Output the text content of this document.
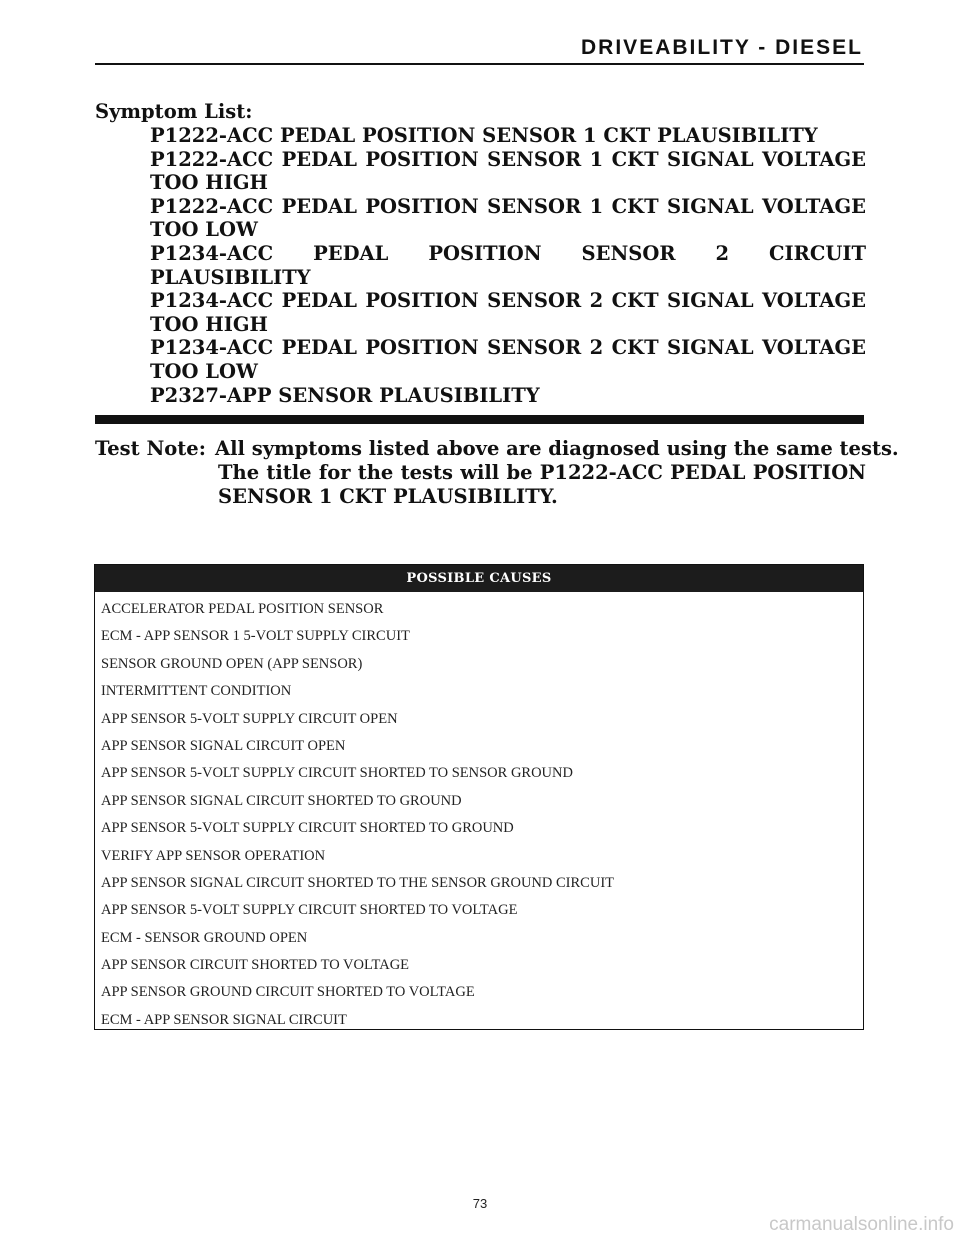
DRIVEABILITY - DIESEL
Symptom List:
P1222-ACC PEDAL POSITION SENSOR 1 CKT PLAUSIBILITY
P1222-ACC PEDAL POSITION SENSOR 1 CKT SIGNAL VOLTAGE
TOO HIGH
P1222-ACC PEDAL POSITION SENSOR 1 CKT SIGNAL VOLTAGE
TOO LOW
P1234-ACC PEDAL POSITION SENSOR 2 CIRCUIT PLAUSIBILITY
P1234-ACC PEDAL POSITION SENSOR 2 CKT SIGNAL VOLTAGE
TOO HIGH
P1234-ACC PEDAL POSITION SENSOR 2 CKT SIGNAL VOLTAGE
TOO LOW
P2327-APP SENSOR PLAUSIBILITY
Test Note: All symptoms listed above are diagnosed using the same tests.
The title for the tests will be P1222-ACC PEDAL POSITION
SENSOR 1 CKT PLAUSIBILITY.
POSSIBLE CAUSES
ACCELERATOR PEDAL POSITION SENSOR
ECM - APP SENSOR 1 5-VOLT SUPPLY CIRCUIT
SENSOR GROUND OPEN (APP SENSOR)
INTERMITTENT CONDITION
APP SENSOR 5-VOLT SUPPLY CIRCUIT OPEN
APP SENSOR SIGNAL CIRCUIT OPEN
APP SENSOR 5-VOLT SUPPLY CIRCUIT SHORTED TO SENSOR GROUND
APP SENSOR SIGNAL CIRCUIT SHORTED TO GROUND
APP SENSOR 5-VOLT SUPPLY CIRCUIT SHORTED TO GROUND
VERIFY APP SENSOR OPERATION
APP SENSOR SIGNAL CIRCUIT SHORTED TO THE SENSOR GROUND CIRCUIT
APP SENSOR 5-VOLT SUPPLY CIRCUIT SHORTED TO VOLTAGE
ECM - SENSOR GROUND OPEN
APP SENSOR CIRCUIT SHORTED TO VOLTAGE
APP SENSOR GROUND CIRCUIT SHORTED TO VOLTAGE
ECM - APP SENSOR SIGNAL CIRCUIT
73
carmanualsonline.info
